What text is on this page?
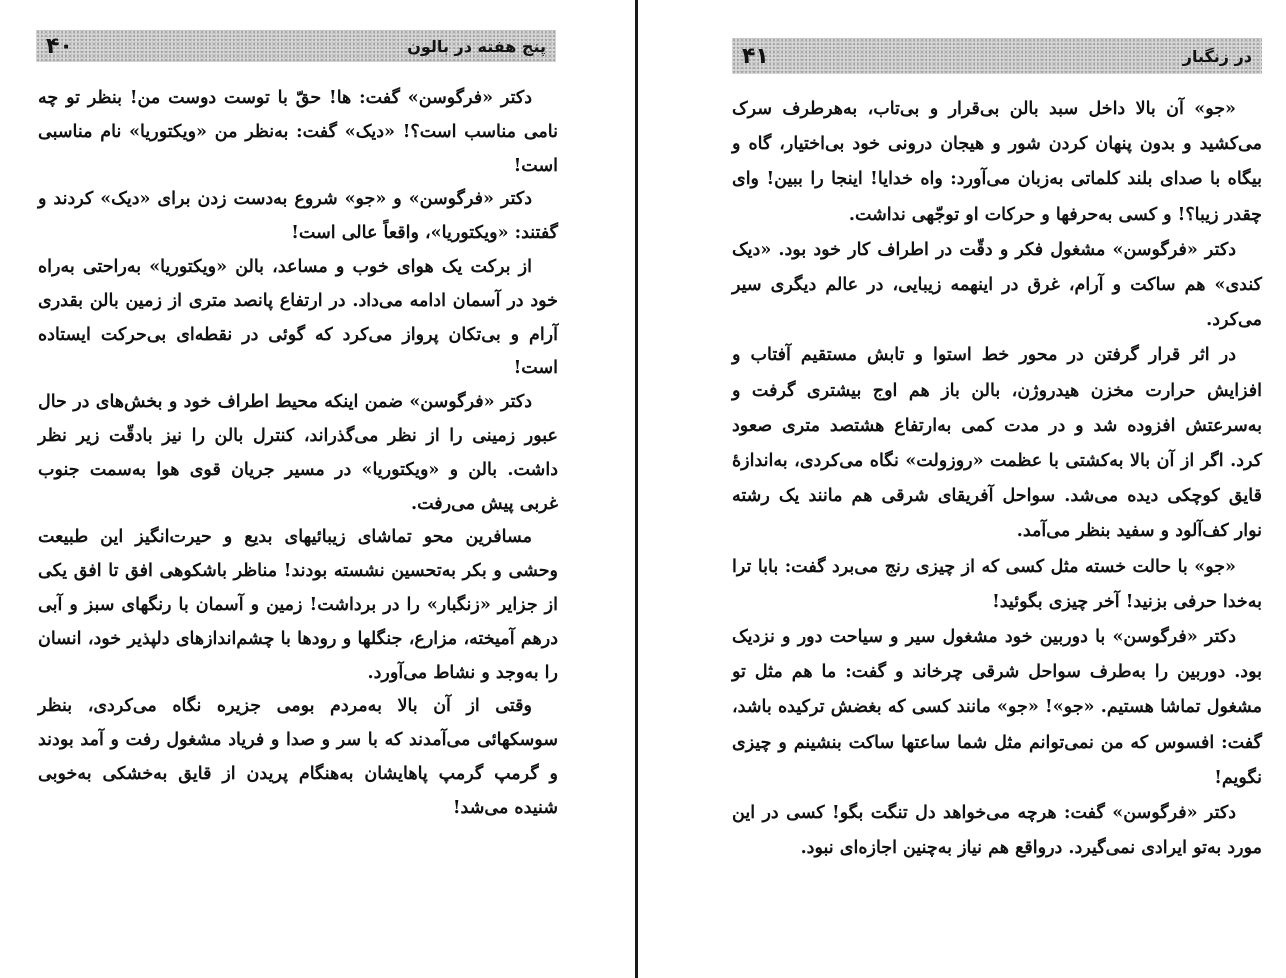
پنج هفته در بالون
۴۰

دکتر «فرگوسن» گفت: ها! حقّ با توست دوست من! بنظر تو چه نامی مناسب است؟! «دیک» گفت: به‌نظر من «ویکتوریا» نام مناسبی است!

دکتر «فرگوسن» و «جو» شروع به‌دست زدن برای «دیک» کردند و گفتند: «ویکتوریا»، واقعاً عالی است!

از برکت یک هوای خوب و مساعد، بالن «ویکتوریا» به‌راحتی به‌راه خود در آسمان ادامه می‌داد. در ارتفاع پانصد متری از زمین بالن بقدری آرام و بی‌تکان پرواز می‌کرد که گوئی در نقطه‌ای بی‌حرکت ایستاده است!

دکتر «فرگوسن» ضمن اینکه محیط اطراف خود و بخش‌های در حال عبور زمینی را از نظر می‌گذراند، کنترل بالن را نیز بادقّت زیر نظر داشت. بالن و «ویکتوریا» در مسیر جریان قوی هوا به‌سمت جنوب غربی پیش می‌رفت.

مسافرین محو تماشای زیبائیهای بدیع و حیرت‌انگیز این طبیعت وحشی و بکر به‌تحسین نشسته بودند! مناظر باشکوهی افق تا افق یکی از جزایر «زنگبار» را در برداشت! زمین و آسمان با رنگهای سبز و آبی درهم آمیخته، مزارع، جنگلها و رودها با چشم‌اندازهای دلپذیر خود، انسان را به‌وجد و نشاط می‌آورد.

وقتی از آن بالا به‌مردم بومی جزیره نگاه می‌کردی، بنظر سوسکهائی می‌آمدند که با سر و صدا و فریاد مشغول رفت و آمد بودند و گرمپ گرمپ پاهایشان به‌هنگام پریدن از قایق به‌خشکی به‌خوبی شنیده می‌شد!

در زنگبار
۴۱

«جو» آن بالا داخل سبد بالن بی‌قرار و بی‌تاب، به‌هرطرف سرک می‌کشید و بدون پنهان کردن شور و هیجان درونی خود بی‌اختیار، گاه و بیگاه با صدای بلند کلماتی به‌زبان می‌آورد: واه خدایا! اینجا را ببین! وای چقدر زیبا؟! و کسی به‌حرفها و حرکات او توجّهی نداشت.

دکتر «فرگوسن» مشغول فکر و دقّت در اطراف کار خود بود. «دیک کندی» هم ساکت و آرام، غرق در اینهمه زیبایی، در عالم دیگری سیر می‌کرد.

در اثر قرار گرفتن در محور خط استوا و تابش مستقیم آفتاب و افزایش حرارت مخزن هیدروژن، بالن باز هم اوج بیشتری گرفت و به‌سرعتش افزوده شد و در مدت کمی به‌ارتفاع هشتصد متری صعود کرد. اگر از آن بالا به‌کشتی با عظمت «روزولت» نگاه می‌کردی، به‌اندازهٔ قایق کوچکی دیده می‌شد. سواحل آفریقای شرقی هم مانند یک رشته نوار کف‌آلود و سفید بنظر می‌آمد.

«جو» با حالت خسته مثل کسی که از چیزی رنج می‌برد گفت: بابا ترا به‌خدا حرفی بزنید! آخر چیزی بگوئید!

دکتر «فرگوسن» با دوربین خود مشغول سیر و سیاحت دور و نزدیک بود. دوربین را به‌طرف سواحل شرقی چرخاند و گفت: ما هم مثل تو مشغول تماشا هستیم. «جو»! «جو» مانند کسی که بغضش ترکیده باشد، گفت: افسوس که من نمی‌توانم مثل شما ساعتها ساکت بنشینم و چیزی نگویم!

دکتر «فرگوسن» گفت: هرچه می‌خواهد دل تنگت بگو! کسی در این مورد به‌تو ایرادی نمی‌گیرد. درواقع هم نیاز به‌چنین اجازه‌ای نبود.
